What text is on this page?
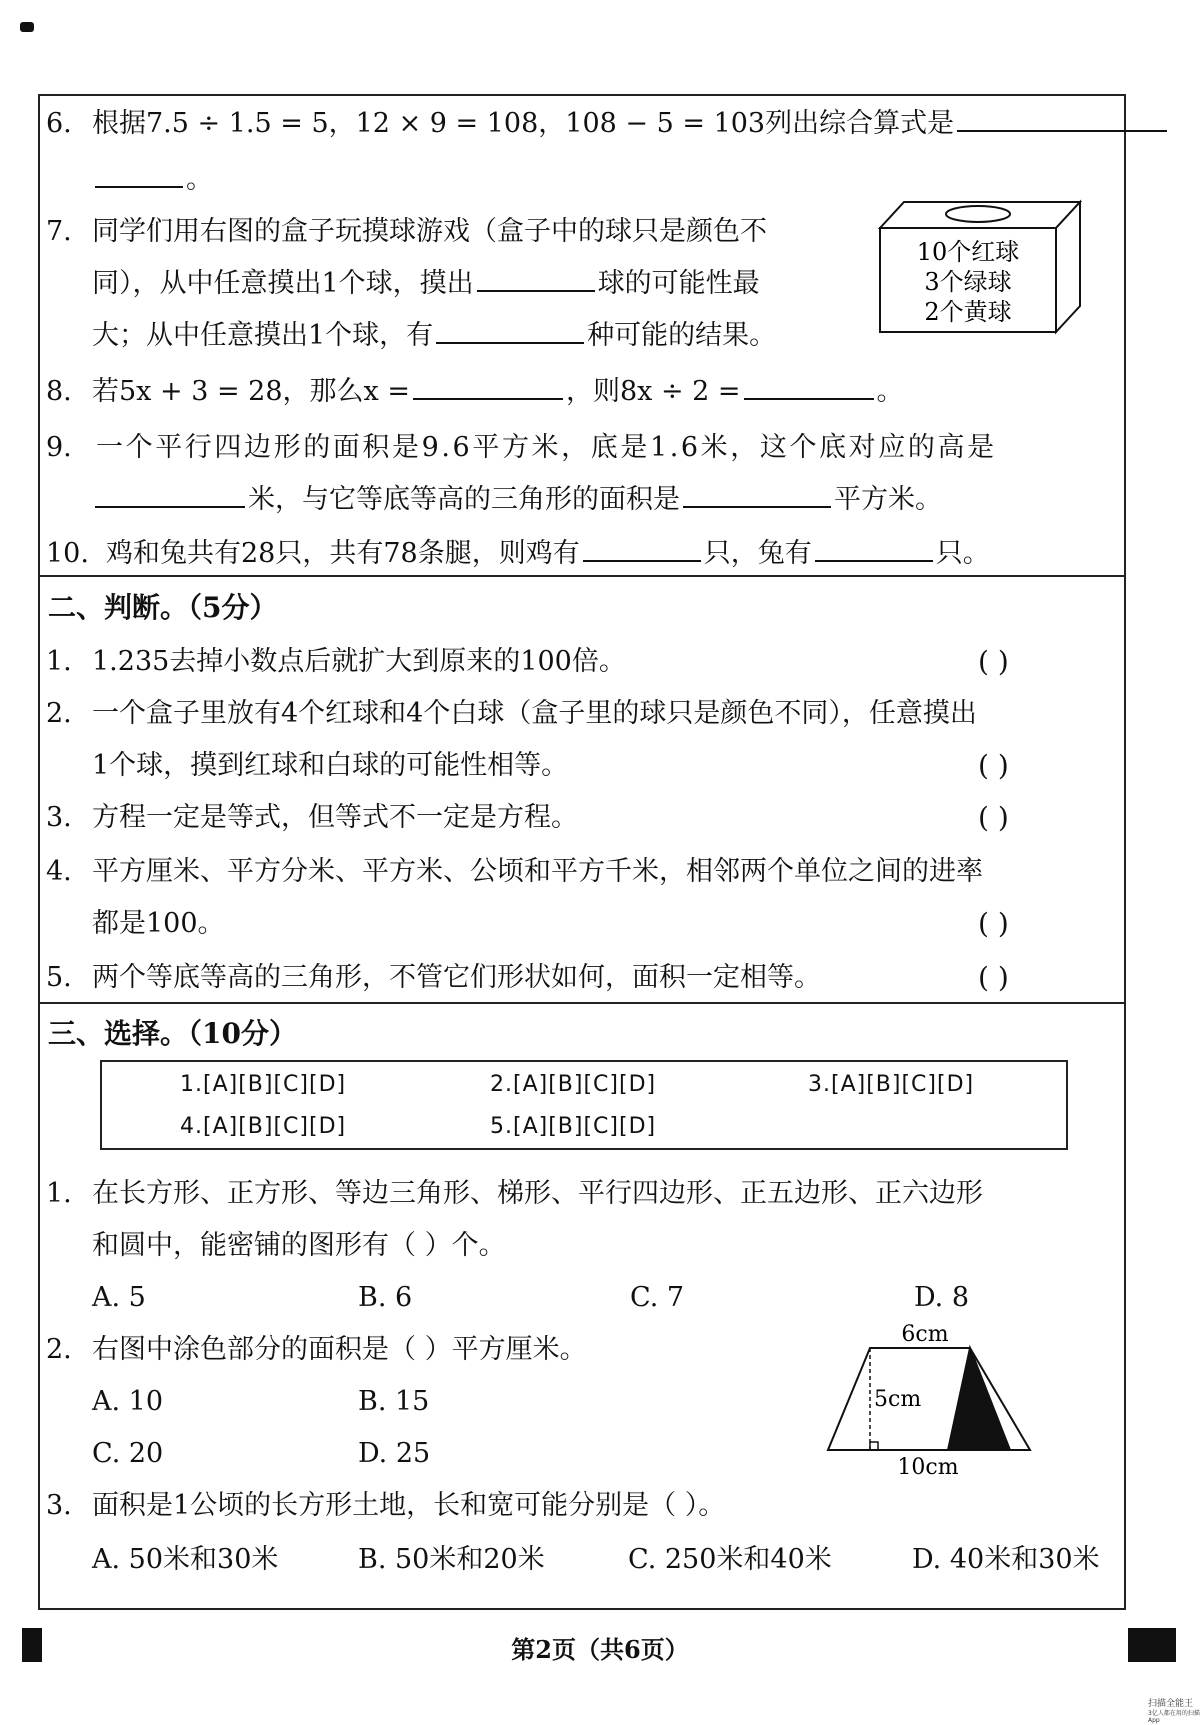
6. 根据7.5 ÷ 1.5 = 5，12 × 9 = 108，108 − 5 = 103列出综合算式是
。
7. 同学们用右图的盒子玩摸球游戏（盒子中的球只是颜色不
同），从中任意摸出1个球，摸出	球的可能性最
大；从中任意摸出1个球，有	种可能的结果。
10个红球
3个绿球
2个黄球
8. 若5x + 3 = 28，那么x =	，则8x ÷ 2 =	。
9. 一个平行四边形的面积是9.6平方米，底是1.6米，这个底对应的高是
米，与它等底等高的三角形的面积是	平方米。
10. 鸡和兔共有28只，共有78条腿，则鸡有	只，兔有	只。
二、判断。（5分）
1. 1.235去掉小数点后就扩大到原来的100倍。	( )
2. 一个盒子里放有4个红球和4个白球（盒子里的球只是颜色不同），任意摸出
1个球，摸到红球和白球的可能性相等。	( )
3. 方程一定是等式，但等式不一定是方程。	( )
4. 平方厘米、平方分米、平方米、公顷和平方千米，相邻两个单位之间的进率
都是100。	( )
5. 两个等底等高的三角形，不管它们形状如何，面积一定相等。	( )
三、选择。（10分）
1.[A][B][C][D]	2.[A][B][C][D]	3.[A][B][C][D]
4.[A][B][C][D]	5.[A][B][C][D]
1. 在长方形、正方形、等边三角形、梯形、平行四边形、正五边形、正六边形
和圆中，能密铺的图形有（ ）个。
A. 5	B. 6	C. 7	D. 8
2. 右图中涂色部分的面积是（ ）平方厘米。
A. 10	B. 15
C. 20	D. 25
6cm
5cm
10cm
3. 面积是1公顷的长方形土地，长和宽可能分别是（ ）。
A. 50米和30米	B. 50米和20米	C. 250米和40米	D. 40米和30米
第2页（共6页）
扫描全能王
3亿人都在用的扫描App
